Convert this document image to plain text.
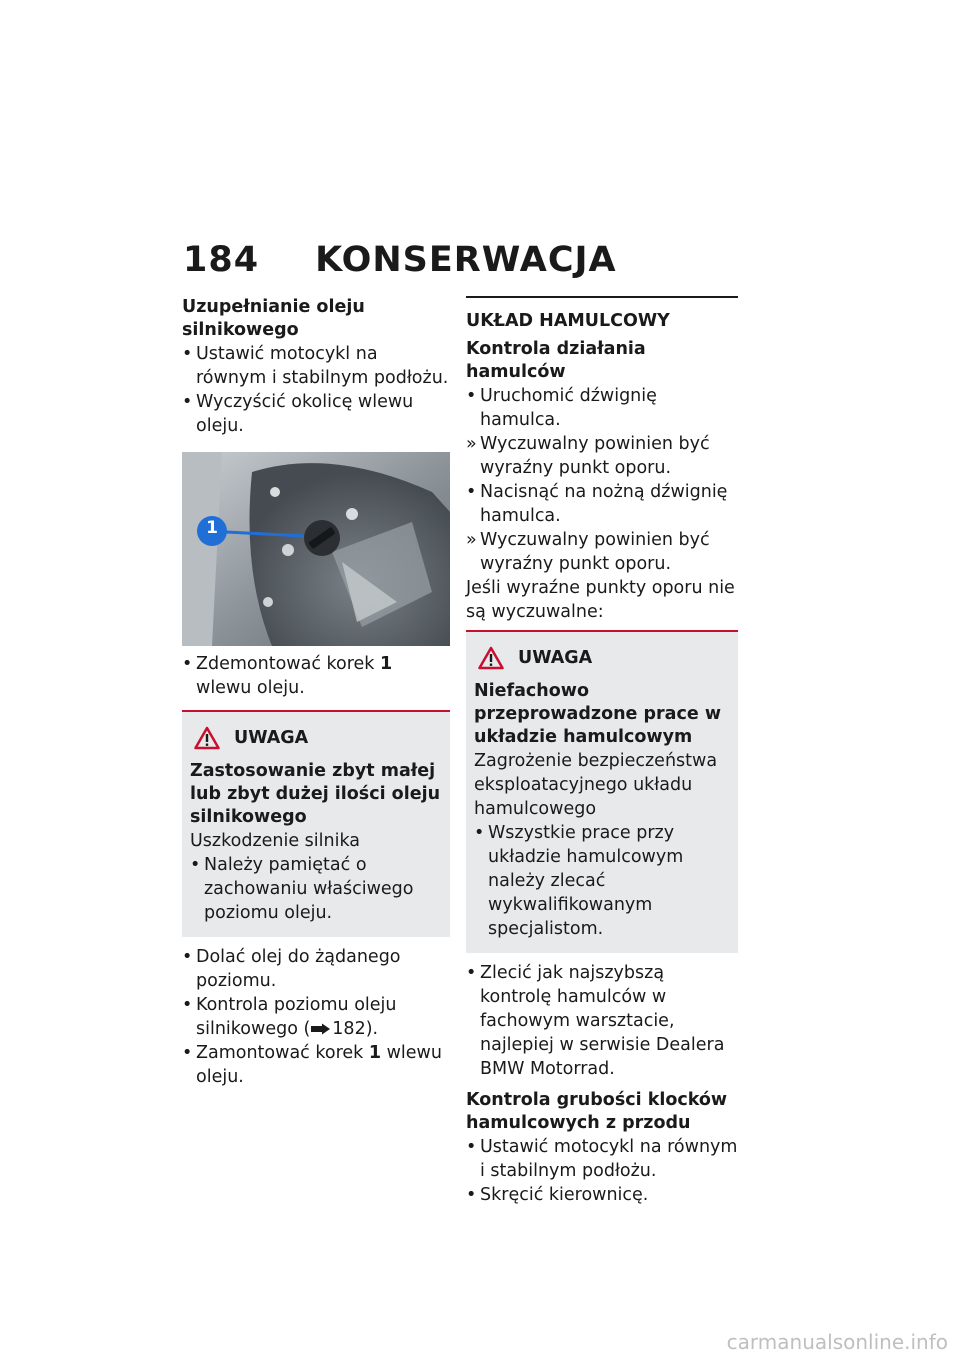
184 KONSERWACJA

Uzupełnianie oleju silnikowego

• Ustawić motocykl na równym i stabilnym podłożu.
• Wyczyścić okolicę wlewu oleju.
1
• Zdemontować korek 1 wlewu oleju.
UWAGA

Zastosowanie zbyt małej lub zbyt dużej ilości oleju silnikowego

Uszkodzenie silnika
• Należy pamiętać o zachowaniu właściwego poziomu oleju.
• Dolać olej do żądanego poziomu.
• Kontrola poziomu oleju silnikowego ( 182).
• Zamontować korek 1 wlewu oleju.

UKŁAD HAMULCOWY

Kontrola działania hamulców

• Uruchomić dźwignię hamulca.
» Wyczuwalny powinien być wyraźny punkt oporu.
• Nacisnąć na nożną dźwignię hamulca.
» Wyczuwalny powinien być wyraźny punkt oporu.
Jeśli wyraźne punkty oporu nie są wyczuwalne:
UWAGA

Niefachowo przeprowadzone prace w układzie hamulcowym

Zagrożenie bezpieczeństwa eksploatacyjnego układu hamulcowego
• Wszystkie prace przy układzie hamulcowym należy zlecać wykwalifikowanym specjalistom.
• Zlecić jak najszybszą kontrolę hamulców w fachowym warsztacie, najlepiej w serwisie Dealera BMW Motorrad.

Kontrola grubości klocków hamulcowych z przodu

• Ustawić motocykl na równym i stabilnym podłożu.
• Skręcić kierownicę.
carmanualsonline.info
